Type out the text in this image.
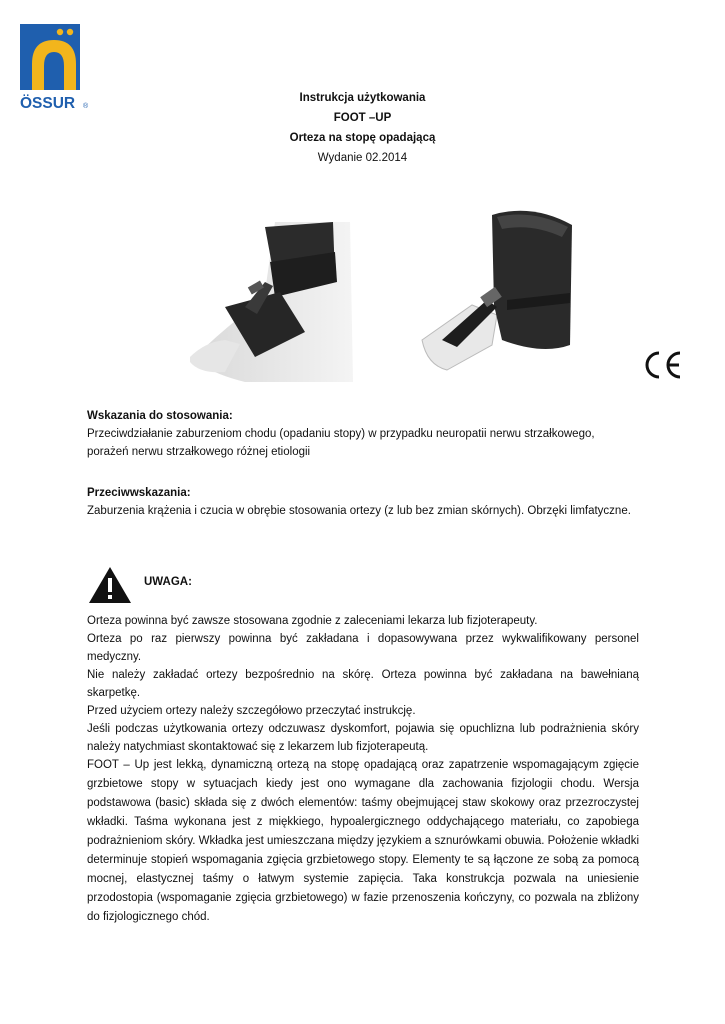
ÖSSUR ®
Instrukcja użytkowania
FOOT –UP
Orteza na stopę opadającą
Wydanie 02.2014

Wskazania do stosowania:

Przeciwdziałanie zaburzeniom chodu (opadaniu stopy) w przypadku neuropatii nerwu strzałkowego, porażeń nerwu strzałkowego różnej etiologii

Przeciwwskazania:

Zaburzenia krążenia i czucia w obrębie stosowania ortezy (z lub bez zmian skórnych). Obrzęki limfatyczne.

UWAGA:

Orteza powinna być zawsze stosowana zgodnie z zaleceniami lekarza lub fizjoterapeuty.

Orteza po raz pierwszy powinna być zakładana i dopasowywana przez wykwalifikowany personel medyczny.

Nie należy zakładać ortezy bezpośrednio na skórę. Orteza powinna być zakładana na bawełnianą skarpetkę.

Przed użyciem ortezy należy szczegółowo przeczytać instrukcję.

Jeśli podczas użytkowania ortezy odczuwasz dyskomfort, pojawia się opuchlizna lub podrażnienia skóry należy natychmiast skontaktować się z lekarzem lub fizjoterapeutą.

FOOT – Up jest lekką, dynamiczną ortezą na stopę opadającą oraz zapatrzenie wspomagającym zgięcie grzbietowe stopy w sytuacjach kiedy jest ono wymagane dla zachowania fizjologii chodu. Wersja podstawowa (basic) składa się z dwóch elementów: taśmy obejmującej staw skokowy oraz przezroczystej wkładki. Taśma wykonana jest z miękkiego, hypoalergicznego oddychającego materiału, co zapobiega podrażnieniom skóry. Wkładka jest umieszczana między językiem a sznurówkami obuwia. Położenie wkładki determinuje stopień wspomagania zgięcia grzbietowego stopy. Elementy te są łączone ze sobą za pomocą mocnej, elastycznej taśmy o łatwym systemie zapięcia. Taka konstrukcja pozwala na uniesienie przodostopia (wspomaganie zgięcia grzbietowego) w fazie przenoszenia kończyny, co pozwala na zbliżony do fizjologicznego chód.
